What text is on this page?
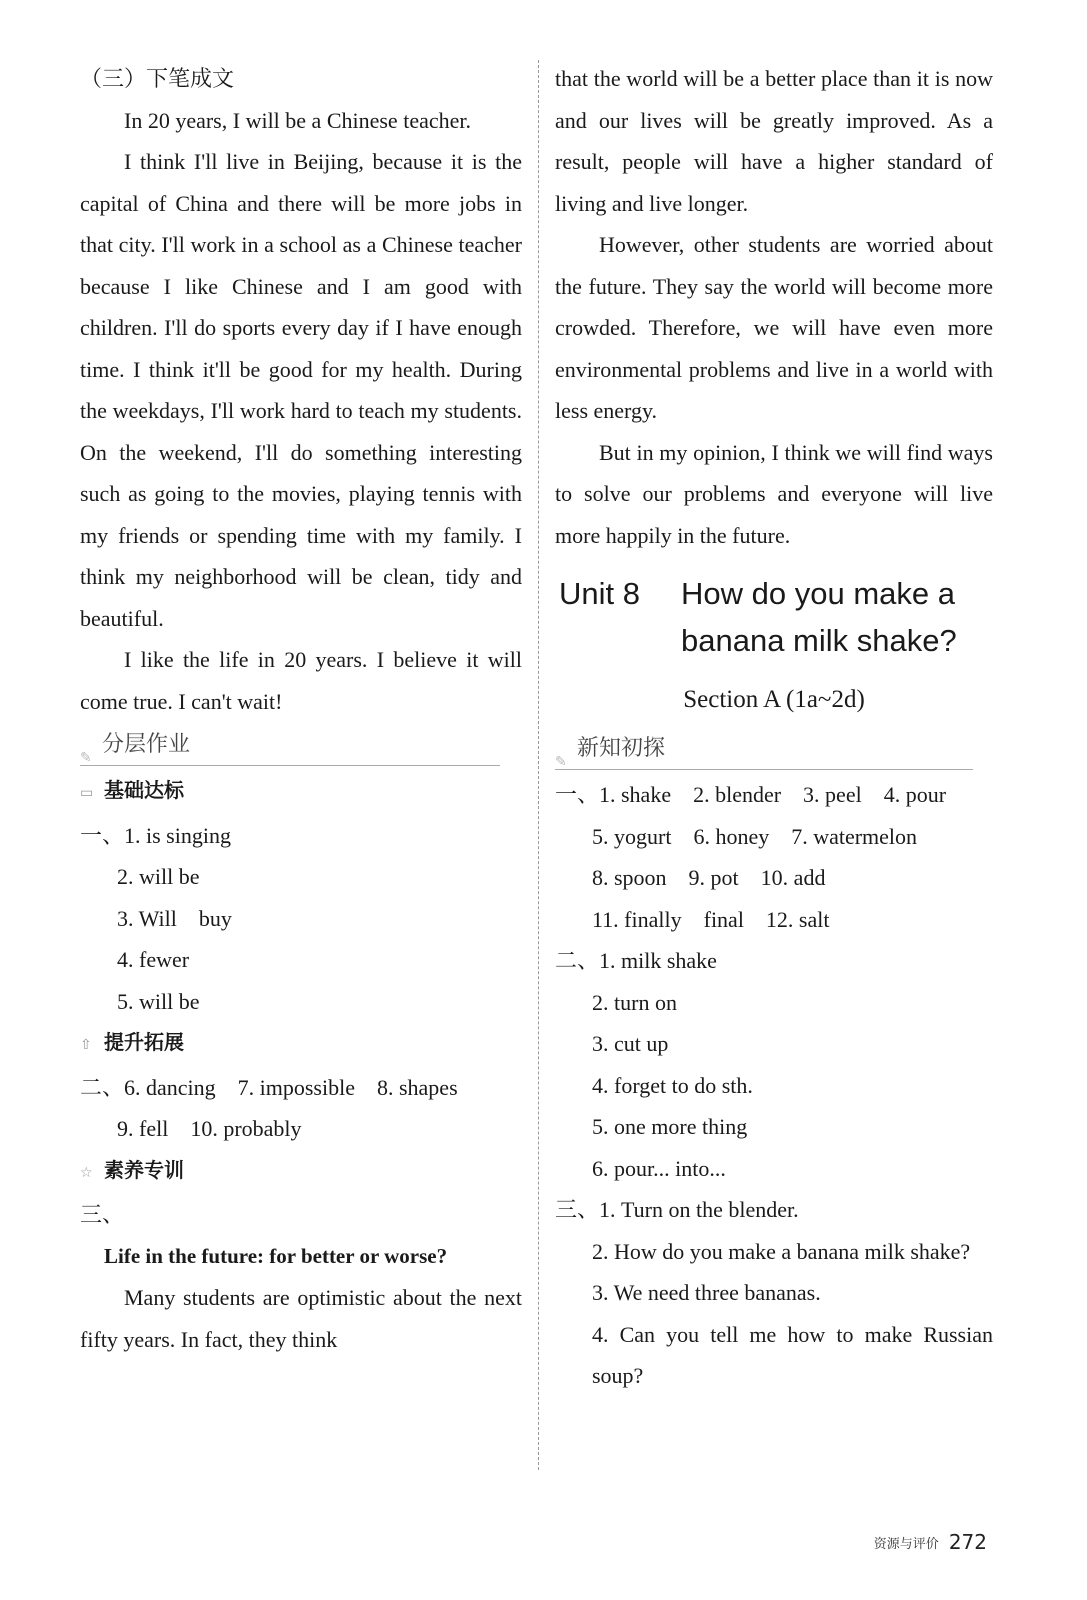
（三）下笔成文

In 20 years, I will be a Chinese teacher.

I think I'll live in Beijing, because it is the capital of China and there will be more jobs in that city. I'll work in a school as a Chinese teacher because I like Chinese and I am good with children. I'll do sports every day if I have enough time. I think it'll be good for my health. During the weekdays, I'll work hard to teach my students. On the weekend, I'll do something interesting such as going to the movies, playing tennis with my friends or spending time with my family. I think my neighborhood will be clean, tidy and beautiful.

I like the life in 20 years. I believe it will come true. I can't wait!

✎分层作业

▭ 基础达标

一、1. is singing

2. will be

3. Will    buy

4. fewer

5. will be

⇧ 提升拓展

二、6. dancing    7. impossible    8. shapes

9. fell    10. probably

☆ 素养专训

三、

Life in the future: for better or worse?

Many students are optimistic about the next fifty years. In fact, they think

that the world will be a better place than it is now and our lives will be greatly improved. As a result, people will have a higher standard of living and live longer.

However, other students are worried about the future. They say the world will become more crowded. Therefore, we will have even more environmental problems and live in a world with less energy.

But in my opinion, I think we will find ways to solve our problems and everyone will live more happily in the future.

Unit 8 How do you make a
banana milk shake?
Section A (1a~2d)
✎新知初探

一、1. shake    2. blender    3. peel    4. pour

5. yogurt    6. honey    7. watermelon

8. spoon    9. pot    10. add

11. finally    final    12. salt

二、1. milk shake

2. turn on

3. cut up

4. forget to do sth.

5. one more thing

6. pour... into...

三、1. Turn on the blender.

2. How do you make a banana milk shake?

3. We need three bananas.

4. Can you tell me how to make Russian soup?

资源与评价 272
